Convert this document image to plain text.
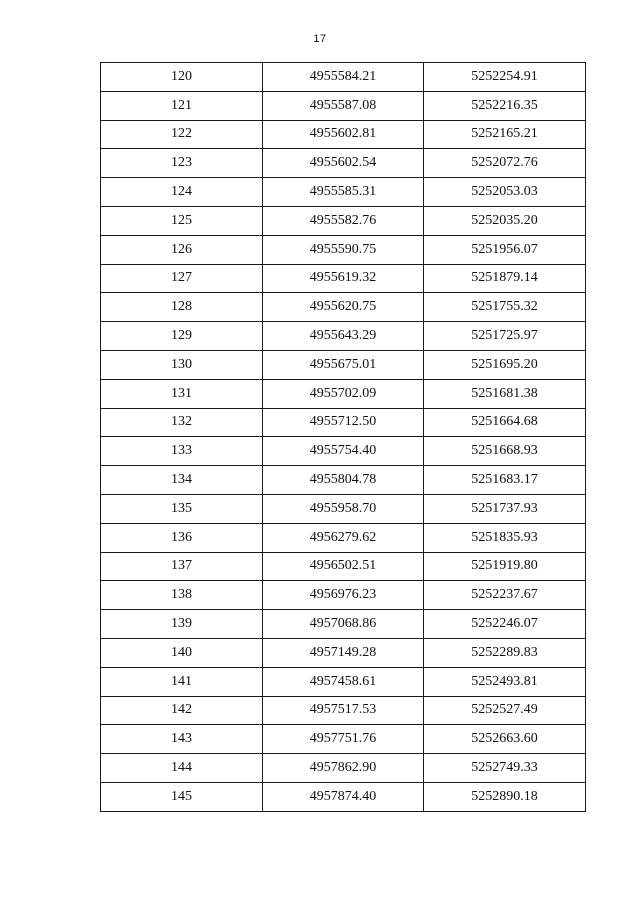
17
120	4955584.21	5252254.91
121	4955587.08	5252216.35
122	4955602.81	5252165.21
123	4955602.54	5252072.76
124	4955585.31	5252053.03
125	4955582.76	5252035.20
126	4955590.75	5251956.07
127	4955619.32	5251879.14
128	4955620.75	5251755.32
129	4955643.29	5251725.97
130	4955675.01	5251695.20
131	4955702.09	5251681.38
132	4955712.50	5251664.68
133	4955754.40	5251668.93
134	4955804.78	5251683.17
135	4955958.70	5251737.93
136	4956279.62	5251835.93
137	4956502.51	5251919.80
138	4956976.23	5252237.67
139	4957068.86	5252246.07
140	4957149.28	5252289.83
141	4957458.61	5252493.81
142	4957517.53	5252527.49
143	4957751.76	5252663.60
144	4957862.90	5252749.33
145	4957874.40	5252890.18
